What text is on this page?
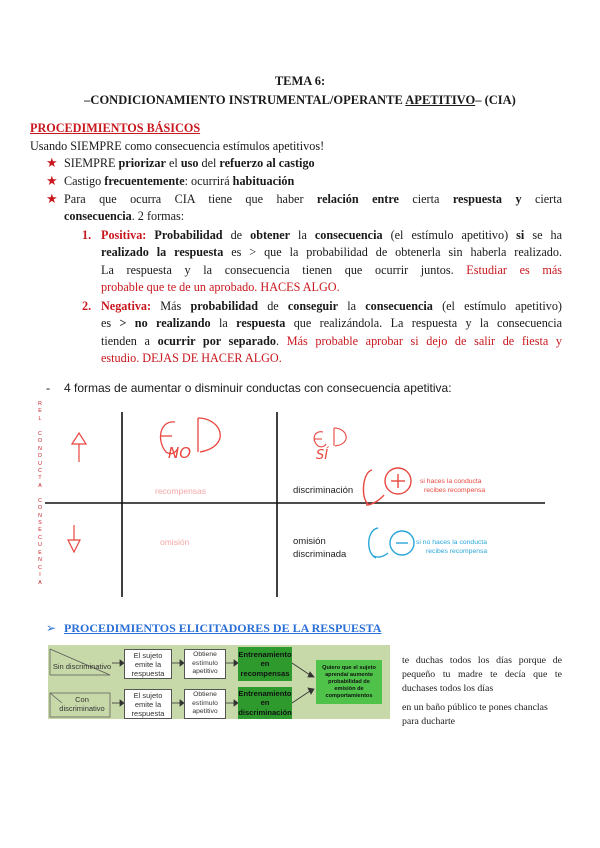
TEMA 6:
–CONDICIONAMIENTO INSTRUMENTAL/OPERANTE APETITIVO– (CIA)
PROCEDIMIENTOS BÁSICOS
Usando SIEMPRE como consecuencia estímulos apetitivos!
★ SIEMPRE priorizar el uso del refuerzo al castigo
★ Castigo frecuentemente: ocurrirá habituación
★ Para que ocurra CIA tiene que haber relación entre cierta respuesta y cierta
consecuencia. 2 formas:
1. Positiva: Probabilidad de obtener la consecuencia (el estímulo apetitivo) si se ha
realizado la respuesta es > que la probabilidad de obtenerla sin haberla realizado.
La respuesta y la consecuencia tienen que ocurrir juntos. Estudiar es más
probable que te de un aprobado. HACES ALGO.
2. Negativa: Más probabilidad de conseguir la consecuencia (el estímulo apetitivo)
es > no realizando la respuesta que realizándola. La respuesta y la consecuencia
tienden a ocurrir por separado. Más probable aprobar si dejo de salir de fiesta y
estudio. DEJAS DE HACER ALGO.
- 4 formas de aumentar o disminuir conductas con consecuencia apetitiva:
R
E
L
C
O
N
D
U
C
T
A
C
O
N
S
E
C
U
E
N
C
I
A
NO	SÍ
recompensas	discriminación
omisión	omisión
discriminada
si haces la conducta
recibes recompensa
si no haces la conducta
recibes recompensa
➢ PROCEDIMIENTOS ELICITADORES DE LA RESPUESTA
Sin discriminativo
El sujeto emite la respuesta
Obtiene estímulo apetitivo
Entrenamiento en recompensas
Con discriminativo
El sujeto emite la respuesta
Obtiene estímulo apetitivo
Entrenamiento en discriminación
Quiero que el sujeto aprenda/ aumente probabilidad de emisión de comportamientos
te duchas todos los días porque de
pequeño tu madre te decía que te
duchases todos los días
en un baño público te pones chanclas
para ducharte
